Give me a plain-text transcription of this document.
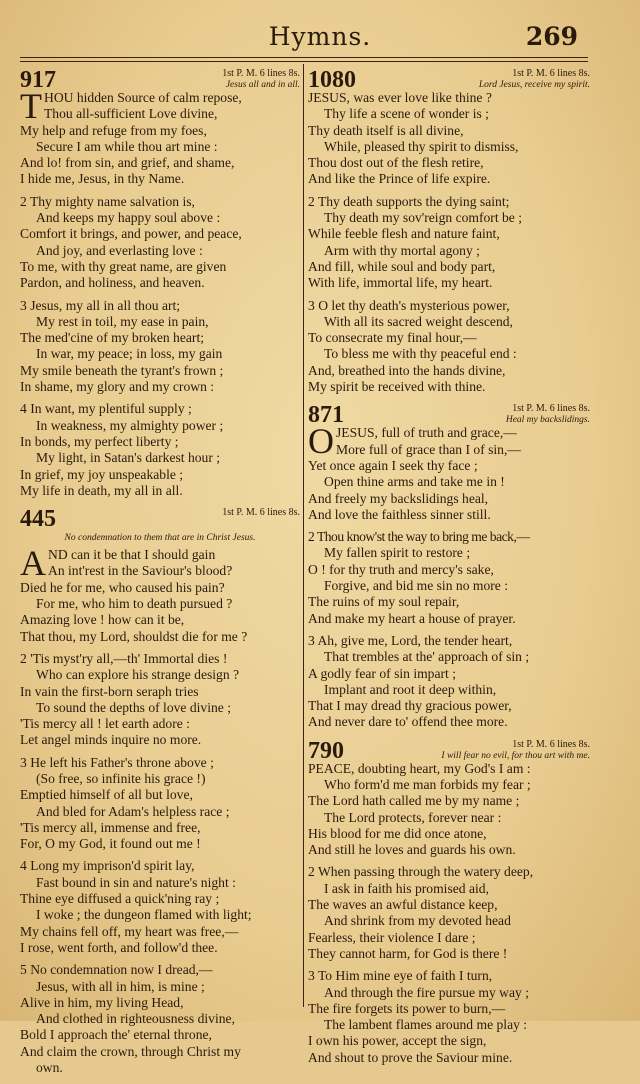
Hymns.	269
917	1st P. M. 6 lines 8s.
Jesus all and in all.
T HOU hidden Source of calm repose,
Thou all-sufficient Love divine,
My help and refuge from my foes,
Secure I am while thou art mine :
And lo! from sin, and grief, and shame,
I hide me, Jesus, in thy Name.
2 Thy mighty name salvation is,
And keeps my happy soul above :
Comfort it brings, and power, and peace,
And joy, and everlasting love :
To me, with thy great name, are given
Pardon, and holiness, and heaven.
3 Jesus, my all in all thou art;
My rest in toil, my ease in pain,
The med'cine of my broken heart;
In war, my peace; in loss, my gain
My smile beneath the tyrant's frown ;
In shame, my glory and my crown :
4 In want, my plentiful supply ;
In weakness, my almighty power ;
In bonds, my perfect liberty ;
My light, in Satan's darkest hour ;
In grief, my joy unspeakable ;
My life in death, my all in all.
445	1st P. M. 6 lines 8s.
No condemnation to them that are in Christ Jesus.
A ND can it be that I should gain
An int'rest in the Saviour's blood?
Died he for me, who caused his pain?
For me, who him to death pursued ?
Amazing love ! how can it be,
That thou, my Lord, shouldst die for me ?
2 'Tis myst'ry all,—th' Immortal dies !
Who can explore his strange design ?
In vain the first-born seraph tries
To sound the depths of love divine ;
'Tis mercy all ! let earth adore :
Let angel minds inquire no more.
3 He left his Father's throne above ;
(So free, so infinite his grace !)
Emptied himself of all but love,
And bled for Adam's helpless race ;
'Tis mercy all, immense and free,
For, O my God, it found out me !
4 Long my imprison'd spirit lay,
Fast bound in sin and nature's night :
Thine eye diffused a quick'ning ray ;
I woke ; the dungeon flamed with light;
My chains fell off, my heart was free,—
I rose, went forth, and follow'd thee.
5 No condemnation now I dread,—
Jesus, with all in him, is mine ;
Alive in him, my living Head,
And clothed in righteousness divine,
Bold I approach the' eternal throne,
And claim the crown, through Christ my
own.
1080	1st P. M. 6 lines 8s.
Lord Jesus, receive my spirit.
JESUS, was ever love like thine ?
Thy life a scene of wonder is ;
Thy death itself is all divine,
While, pleased thy spirit to dismiss,
Thou dost out of the flesh retire,
And like the Prince of life expire.
2 Thy death supports the dying saint;
Thy death my sov'reign comfort be ;
While feeble flesh and nature faint,
Arm with thy mortal agony ;
And fill, while soul and body part,
With life, immortal life, my heart.
3 O let thy death's mysterious power,
With all its sacred weight descend,
To consecrate my final hour,—
To bless me with thy peaceful end :
And, breathed into the hands divine,
My spirit be received with thine.
871	1st P. M. 6 lines 8s.
Heal my backslidings.
O JESUS, full of truth and grace,—
More full of grace than I of sin,—
Yet once again I seek thy face ;
Open thine arms and take me in !
And freely my backslidings heal,
And love the faithless sinner still.
2 Thou know'st the way to bring me back,—
My fallen spirit to restore ;
O ! for thy truth and mercy's sake,
Forgive, and bid me sin no more :
The ruins of my soul repair,
And make my heart a house of prayer.
3 Ah, give me, Lord, the tender heart,
That trembles at the' approach of sin ;
A godly fear of sin impart ;
Implant and root it deep within,
That I may dread thy gracious power,
And never dare to' offend thee more.
790	1st P. M. 6 lines 8s.
I will fear no evil, for thou art with me.
PEACE, doubting heart, my God's I am :
Who form'd me man forbids my fear ;
The Lord hath called me by my name ;
The Lord protects, forever near :
His blood for me did once atone,
And still he loves and guards his own.
2 When passing through the watery deep,
I ask in faith his promised aid,
The waves an awful distance keep,
And shrink from my devoted head
Fearless, their violence I dare ;
They cannot harm, for God is there !
3 To Him mine eye of faith I turn,
And through the fire pursue my way ;
The fire forgets its power to burn,—
The lambent flames around me play :
I own his power, accept the sign,
And shout to prove the Saviour mine.
